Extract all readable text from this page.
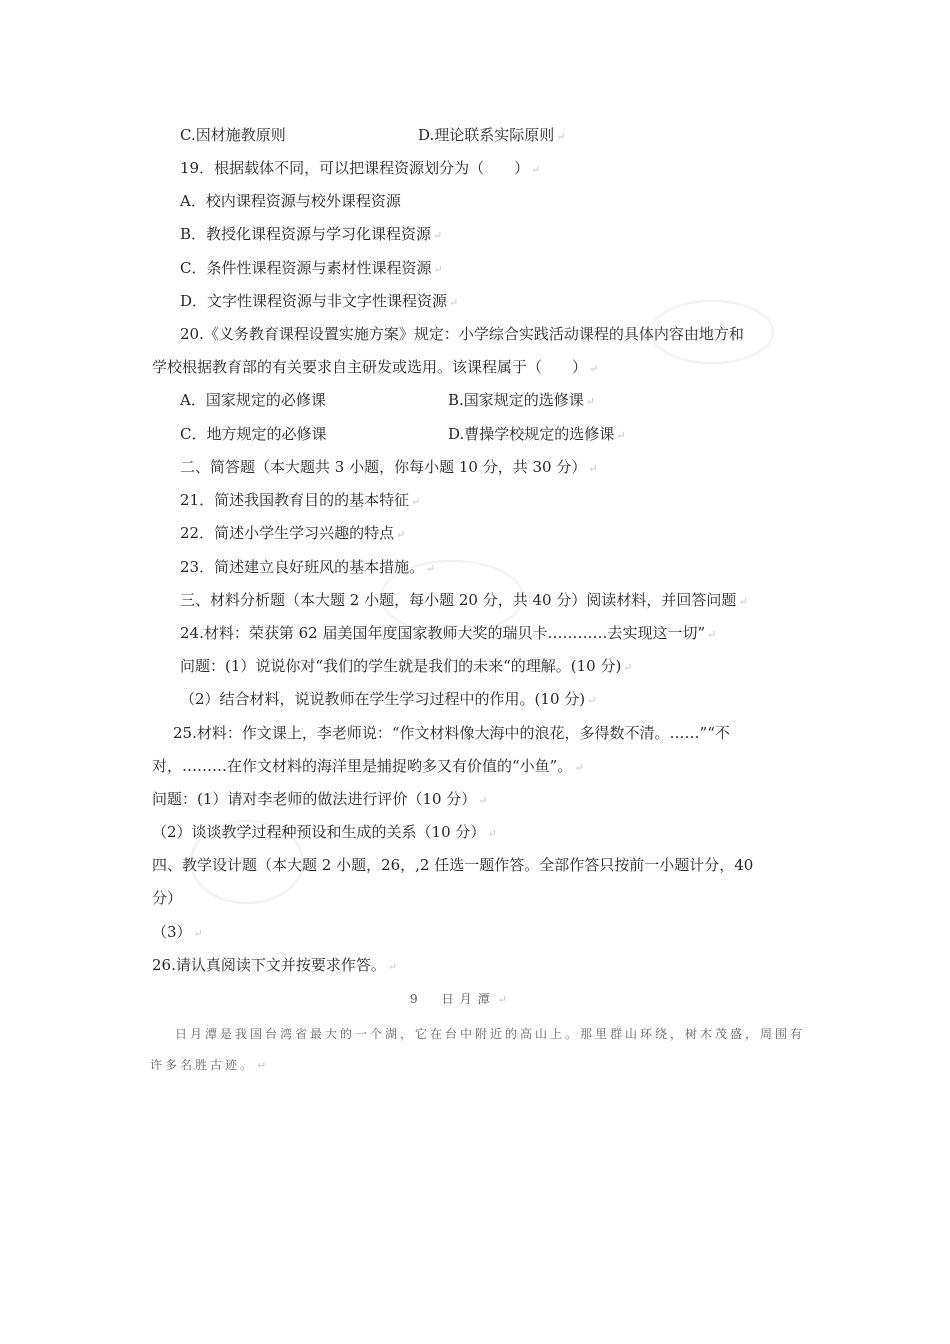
C.因材施教原则	D.理论联系实际原则 ↵
19．根据载体不同，可以把课程资源划分为（　　） ↵
A．校内课程资源与校外课程资源
B．教授化课程资源与学习化课程资源 ↵
C．条件性课程资源与素材性课程资源 ↵
D．文字性课程资源与非文字性课程资源 ↵
20.《义务教育课程设置实施方案》规定：小学综合实践活动课程的具体内容由地方和
学校根据教育部的有关要求自主研发或选用。该课程属于（　　） ↵
A．国家规定的必修课	B.国家规定的选修课 ↵
C．地方规定的必修课	D.曹操学校规定的选修课 ↵
二、简答题（本大题共 3 小题，你每小题 10 分，共 30 分） ↵
21．简述我国教育目的的基本特征 ↵
22．简述小学生学习兴趣的特点 ↵
23．简述建立良好班风的基本措施。 ↵
三、材料分析题（本大题 2 小题，每小题 20 分，共 40 分）阅读材料，并回答问题 ↵
24.材料：荣获第 62 届美国年度国家教师大奖的瑞贝卡…………去实现这一切” ↵
问题：(1）说说你对“我们的学生就是我们的未来“的理解。(10 分) ↵
（2）结合材料，说说教师在学生学习过程中的作用。(10 分) ↵
25.材料：作文课上，李老师说：“作文材料像大海中的浪花，多得数不清。……”“不
对，………在作文材料的海洋里是捕捉哟多又有价值的“小鱼”。 ↵
问题：(1）请对李老师的做法进行评价（10 分） ↵
（2）谈谈教学过程种预设和生成的关系（10 分） ↵
四、教学设计题（本大题 2 小题，26，,2 任选一题作答。全部作答只按前一小题计分，40
分）
（3） ↵
26.请认真阅读下文并按要求作答。 ↵
9　日月潭 ↵
日月潭是我国台湾省最大的一个湖，它在台中附近的高山上。那里群山环绕，树木茂盛，周围有
许多名胜古迹。 ↵
